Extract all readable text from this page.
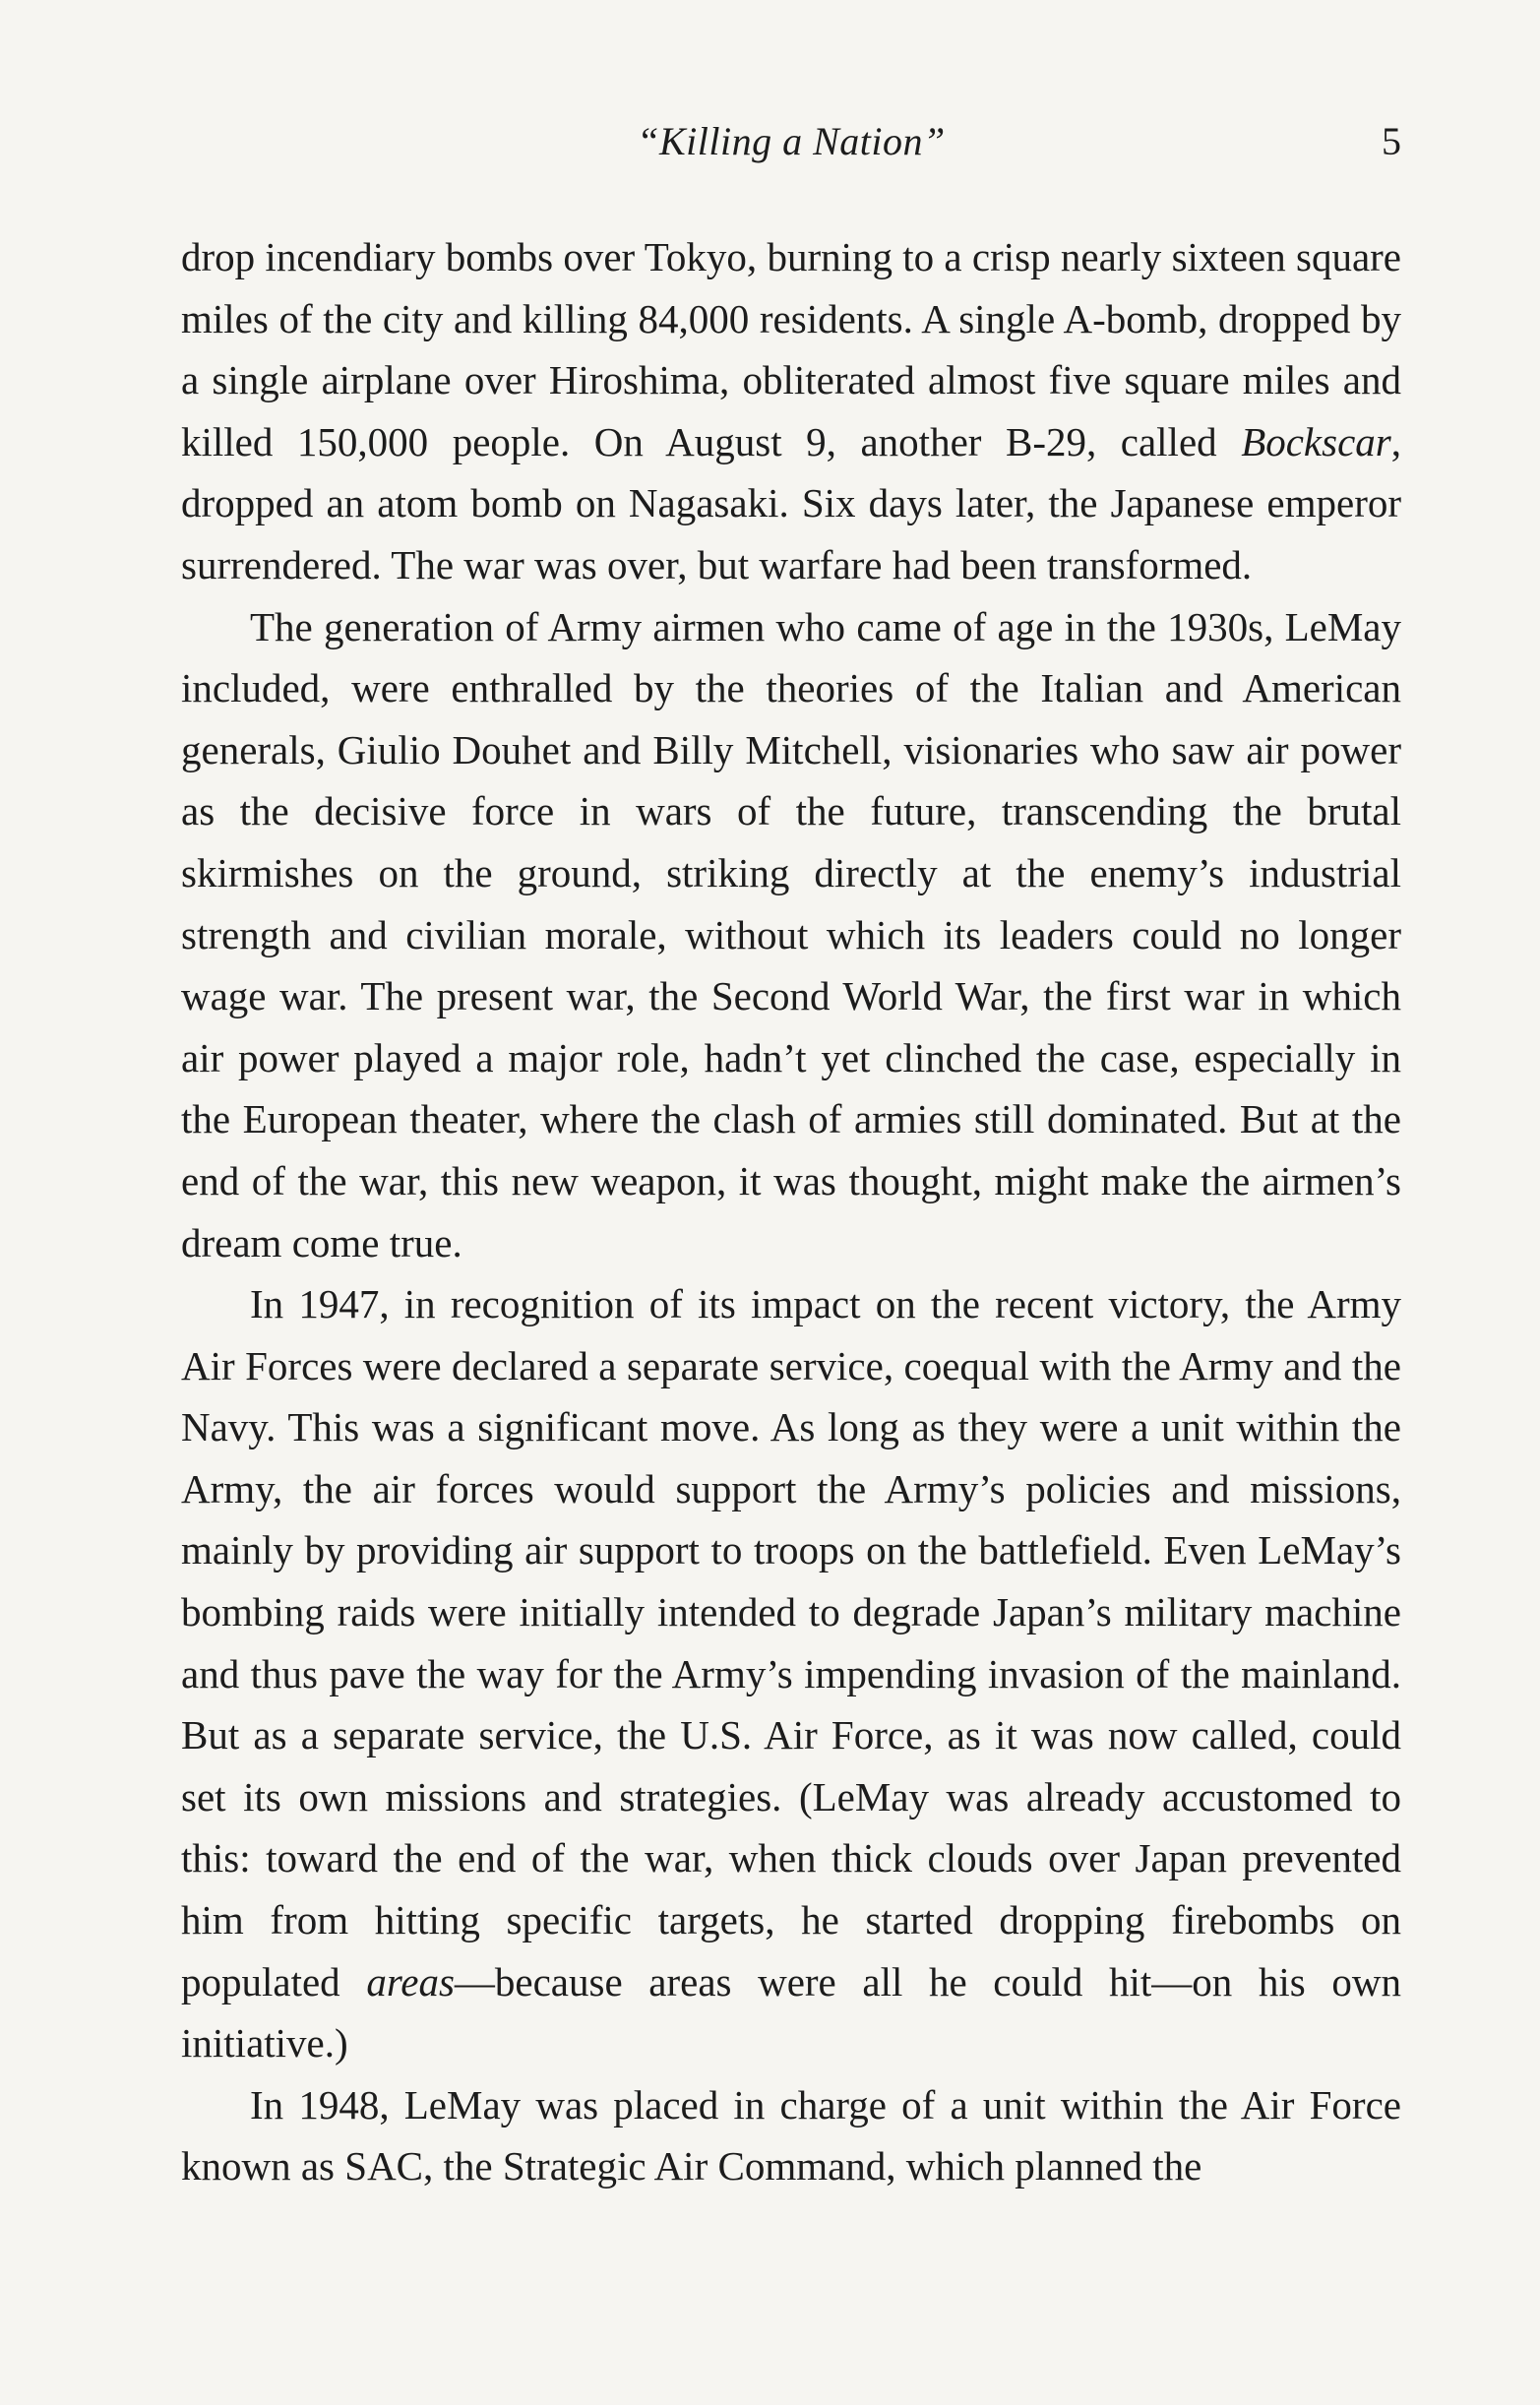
“Killing a Nation”	5

drop incendiary bombs over Tokyo, burning to a crisp nearly sixteen square miles of the city and killing 84,000 residents. A single A-bomb, dropped by a single airplane over Hiroshima, obliterated almost five square miles and killed 150,000 people. On August 9, another B-29, called Bockscar, dropped an atom bomb on Nagasaki. Six days later, the Japanese emperor surrendered. The war was over, but warfare had been transformed.

The generation of Army airmen who came of age in the 1930s, LeMay included, were enthralled by the theories of the Italian and American generals, Giulio Douhet and Billy Mitchell, visionaries who saw air power as the decisive force in wars of the future, transcending the brutal skirmishes on the ground, striking directly at the enemy’s industrial strength and civilian morale, without which its leaders could no longer wage war. The present war, the Second World War, the first war in which air power played a major role, hadn’t yet clinched the case, especially in the European theater, where the clash of armies still dominated. But at the end of the war, this new weapon, it was thought, might make the airmen’s dream come true.

In 1947, in recognition of its impact on the recent victory, the Army Air Forces were declared a separate service, coequal with the Army and the Navy. This was a significant move. As long as they were a unit within the Army, the air forces would support the Army’s policies and missions, mainly by providing air support to troops on the battlefield. Even LeMay’s bombing raids were initially intended to degrade Japan’s military machine and thus pave the way for the Army’s impending invasion of the mainland. But as a separate service, the U.S. Air Force, as it was now called, could set its own missions and strategies. (LeMay was already accustomed to this: toward the end of the war, when thick clouds over Japan prevented him from hitting specific targets, he started dropping firebombs on populated areas—because areas were all he could hit—on his own initiative.)

In 1948, LeMay was placed in charge of a unit within the Air Force known as SAC, the Strategic Air Command, which planned the
